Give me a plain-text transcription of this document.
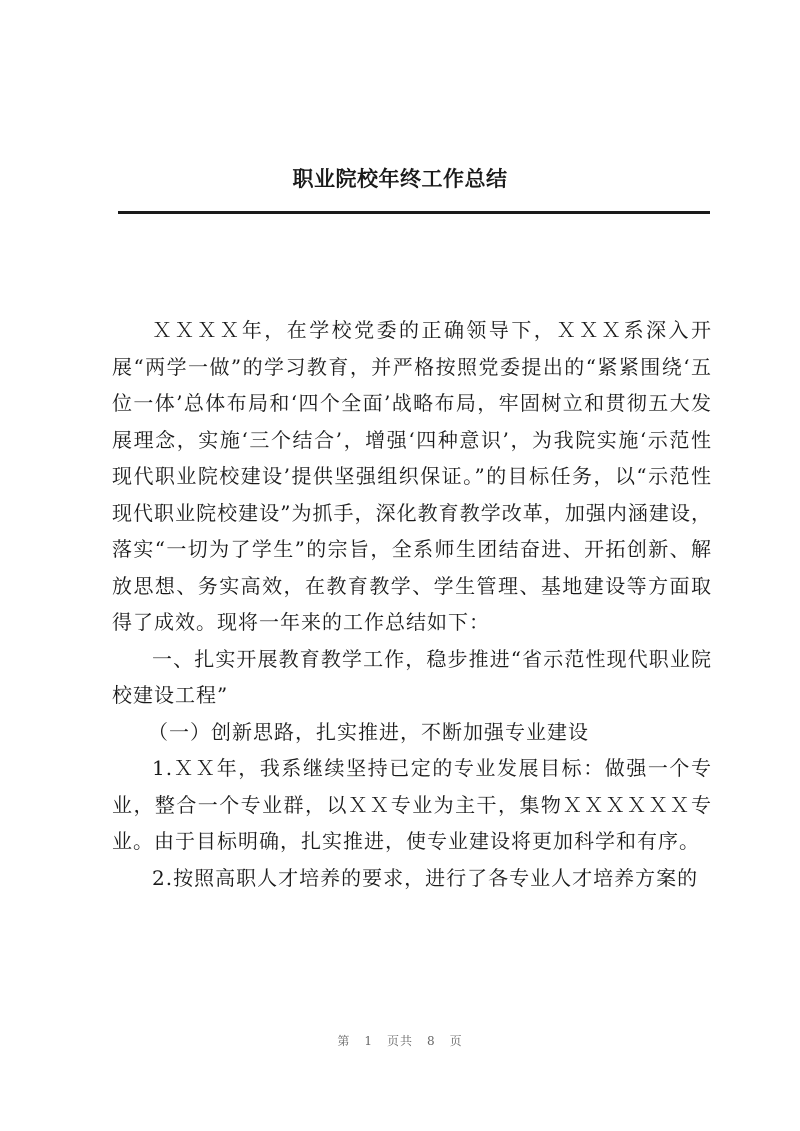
职业院校年终工作总结

ＸＸＸＸ年，在学校党委的正确领导下，ＸＸＸ系深入开展“两学一做”的学习教育，并严格按照党委提出的“紧紧围绕‘五位一体’总体布局和‘四个全面’战略布局，牢固树立和贯彻五大发展理念，实施‘三个结合’，增强‘四种意识’，为我院实施‘示范性现代职业院校建设’提供坚强组织保证。”的目标任务，以“示范性现代职业院校建设”为抓手，深化教育教学改革，加强内涵建设，落实“一切为了学生”的宗旨，全系师生团结奋进、开拓创新、解放思想、务实高效，在教育教学、学生管理、基地建设等方面取得了成效。现将一年来的工作总结如下：

一、扎实开展教育教学工作，稳步推进“省示范性现代职业院校建设工程”

（一）创新思路，扎实推进，不断加强专业建设

1.ＸＸ年，我系继续坚持已定的专业发展目标：做强一个专业，整合一个专业群，以ＸＸ专业为主干，集物ＸＸＸＸＸＸ专业。由于目标明确，扎实推进，使专业建设将更加科学和有序。

2.按照高职人才培养的要求，进行了各专业人才培养方案的

第 1 页共 8 页
